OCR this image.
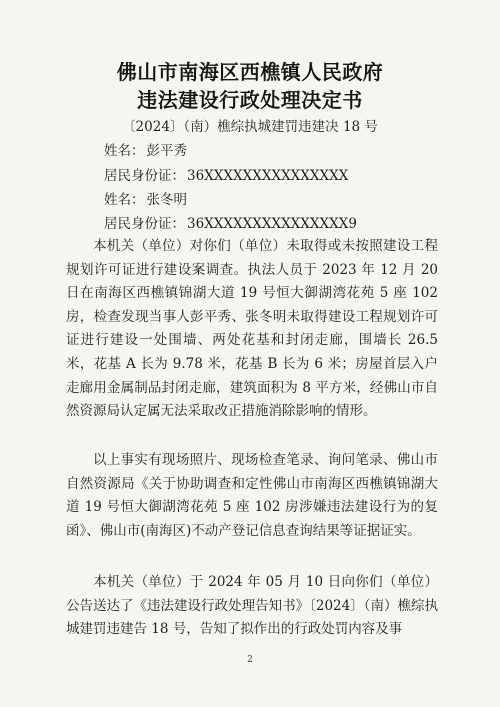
佛山市南海区西樵镇人民政府
违法建设行政处理决定书
〔2024〕（南）樵综执城建罚违建决 18 号
姓名： 彭平秀
居民身份证： 36XXXXXXXXXXXXXXX
姓名： 张冬明
居民身份证： 36XXXXXXXXXXXXXXX9

本机关（单位）对你们（单位）未取得或未按照建设工程规划许可证进行建设案调查。执法人员于 2023 年 12 月 20 日在南海区西樵镇锦湖大道 19 号恒大御湖湾花苑 5 座 102 房，检查发现当事人彭平秀、张冬明未取得建设工程规划许可证进行建设一处围墙、两处花基和封闭走廊，围墙长 26.5 米，花基 A 长为 9.78 米，花基 B 长为 6 米；房屋首层入户走廊用金属制品封闭走廊，建筑面积为 8 平方米，经佛山市自然资源局认定属无法采取改正措施消除影响的情形。

以上事实有现场照片、现场检查笔录、询问笔录、佛山市自然资源局《关于协助调查和定性佛山市南海区西樵镇锦湖大道 19 号恒大御湖湾花苑 5 座 102 房涉嫌违法建设行为的复函》、佛山市(南海区)不动产登记信息查询结果等证据证实。

本机关（单位）于 2024 年 05 月 10 日向你们（单位）公告送达了《违法建设行政处理告知书》〔2024〕（南）樵综执城建罚违建告 18 号，告知了拟作出的行政处罚内容及事

2
